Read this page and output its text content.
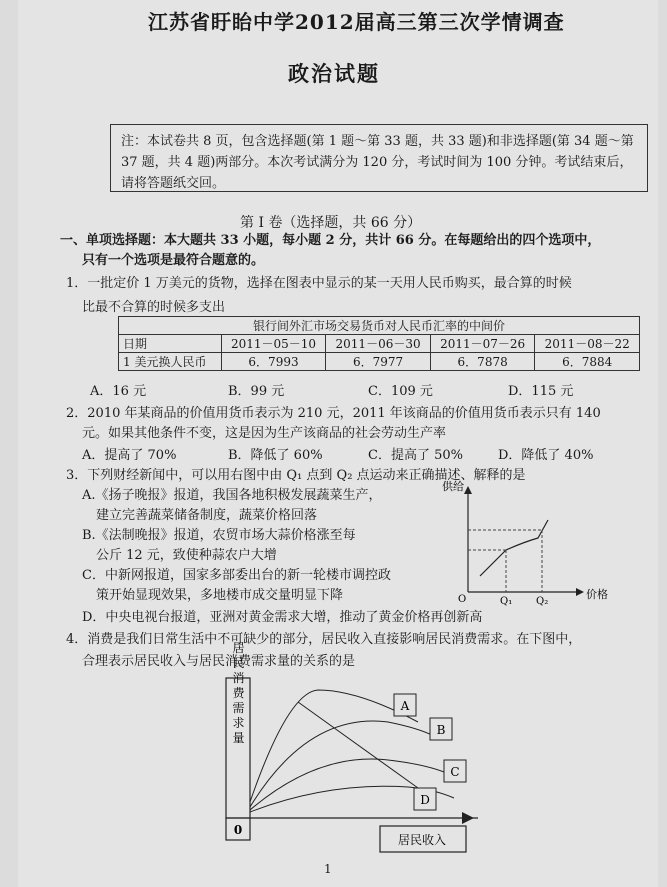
江苏省盱眙中学2012届高三第三次学情调查
政治试题
注：本试卷共 8 页，包含选择题(第 1 题～第 33 题，共 33 题)和非选择题(第 34 题～第 37 题，共 4 题)两部分。本次考试满分为 120 分，考试时间为 100 分钟。考试结束后，请将答题纸交回。
第 I 卷（选择题，共 66 分）
一、单项选择题：本大题共 33 小题，每小题 2 分，共计 66 分。在每题给出的四个选项中，
只有一个选项是最符合题意的。
1．一批定价 1 万美元的货物，选择在图表中显示的某一天用人民币购买，最合算的时候
比最不合算的时候多支出
银行间外汇市场交易货币对人民币汇率的中间价				
日期	2011－05－10	2011－06－30	2011－07－26	2011－08－22
1 美元换人民币	6．7993	6．7977	6．7878	6．7884
A．16 元	B．99 元	C．109 元	D．115 元
2．2010 年某商品的价值用货币表示为 210 元，2011 年该商品的价值用货币表示只有 140
元。如果其他条件不变，这是因为生产该商品的社会劳动生产率
A．提高了 70%	B．降低了 60%	C．提高了 50%	D．降低了 40%
3．下列财经新闻中，可以用右图中由 Q₁ 点到 Q₂ 点运动来正确描述、解释的是
A.《扬子晚报》报道，我国各地积极发展蔬菜生产，
建立完善蔬菜储备制度，蔬菜价格回落
B.《法制晚报》报道，农贸市场大蒜价格涨至每
公斤 12 元，致使种蒜农户大增
C．中新网报道，国家多部委出台的新一轮楼市调控政
策开始显现效果，多地楼市成交量明显下降
D．中央电视台报道，亚洲对黄金需求大增，推动了黄金价格再创新高
供给
价格
Q₁ Q₂
O
4．消费是我们日常生活中不可缺少的部分，居民收入直接影响居民消费需求。在下图中，
合理表示居民收入与居民消费需求量的关系的是
居民消费需求量
0
A
B
C
D
居民收入
1
